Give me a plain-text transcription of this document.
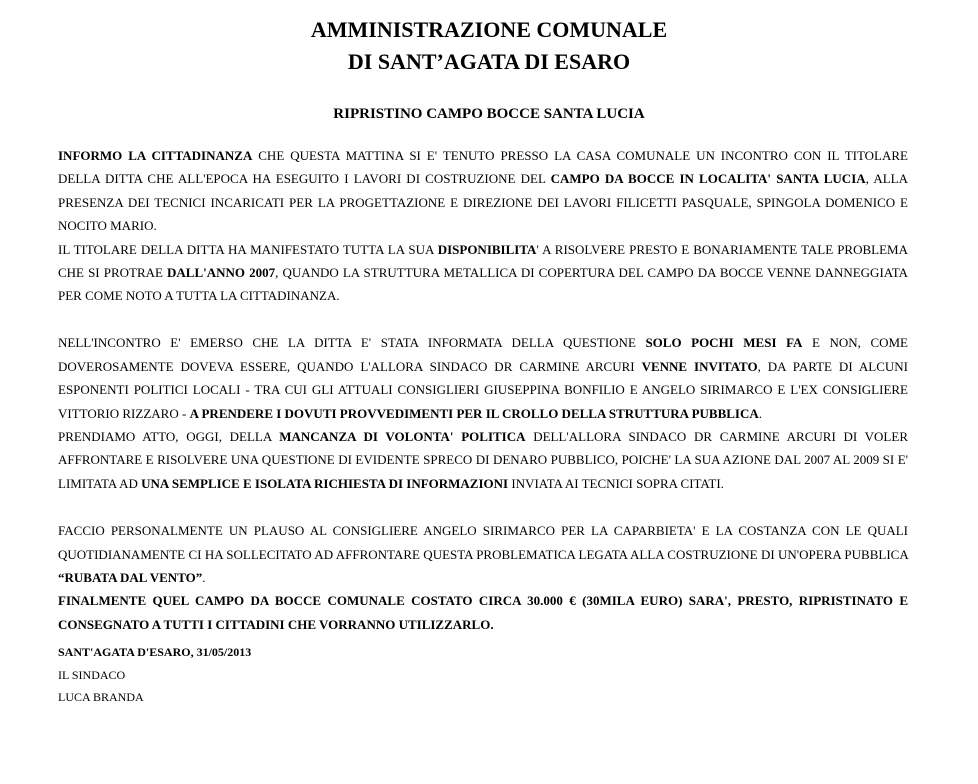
AMMINISTRAZIONE COMUNALE
DI SANT’AGATA DI ESARO
RIPRISTINO CAMPO BOCCE SANTA LUCIA

INFORMO LA CITTADINANZA CHE QUESTA MATTINA SI E' TENUTO PRESSO LA CASA COMUNALE UN INCONTRO CON IL TITOLARE DELLA DITTA CHE ALL'EPOCA HA ESEGUITO I LAVORI DI COSTRUZIONE DEL CAMPO DA BOCCE IN LOCALITA' SANTA LUCIA, ALLA PRESENZA DEI TECNICI INCARICATI PER LA PROGETTAZIONE E DIREZIONE DEI LAVORI FILICETTI PASQUALE, SPINGOLA DOMENICO E NOCITO MARIO.

IL TITOLARE DELLA DITTA HA MANIFESTATO TUTTA LA SUA DISPONIBILITA' A RISOLVERE PRESTO E BONARIAMENTE TALE PROBLEMA CHE SI PROTRAE DALL'ANNO 2007, QUANDO LA STRUTTURA METALLICA DI COPERTURA DEL CAMPO DA BOCCE VENNE DANNEGGIATA PER COME NOTO A TUTTA LA CITTADINANZA.

NELL'INCONTRO E' EMERSO CHE LA DITTA E' STATA INFORMATA DELLA QUESTIONE SOLO POCHI MESI FA E NON, COME DOVEROSAMENTE DOVEVA ESSERE, QUANDO L'ALLORA SINDACO DR CARMINE ARCURI VENNE INVITATO, DA PARTE DI ALCUNI ESPONENTI POLITICI LOCALI - TRA CUI GLI ATTUALI CONSIGLIERI GIUSEPPINA BONFILIO E ANGELO SIRIMARCO E L'EX CONSIGLIERE VITTORIO RIZZARO - A PRENDERE I DOVUTI PROVVEDIMENTI PER IL CROLLO DELLA STRUTTURA PUBBLICA.

PRENDIAMO ATTO, OGGI, DELLA MANCANZA DI VOLONTA' POLITICA DELL'ALLORA SINDACO DR CARMINE ARCURI DI VOLER AFFRONTARE E RISOLVERE UNA QUESTIONE DI EVIDENTE SPRECO DI DENARO PUBBLICO, POICHE' LA SUA AZIONE DAL 2007 AL 2009 SI E' LIMITATA AD UNA SEMPLICE E ISOLATA RICHIESTA DI INFORMAZIONI INVIATA AI TECNICI SOPRA CITATI.

FACCIO PERSONALMENTE UN PLAUSO AL CONSIGLIERE ANGELO SIRIMARCO PER LA CAPARBIETA' E LA COSTANZA CON LE QUALI QUOTIDIANAMENTE CI HA SOLLECITATO AD AFFRONTARE QUESTA PROBLEMATICA LEGATA ALLA COSTRUZIONE DI UN'OPERA PUBBLICA “RUBATA DAL VENTO”.

FINALMENTE QUEL CAMPO DA BOCCE COMUNALE COSTATO CIRCA 30.000 € (30MILA EURO) SARA', PRESTO, RIPRISTINATO E CONSEGNATO A TUTTI I CITTADINI CHE VORRANNO UTILIZZARLO.

SANT'AGATA D'ESARO, 31/05/2013
IL SINDACO
LUCA BRANDA
